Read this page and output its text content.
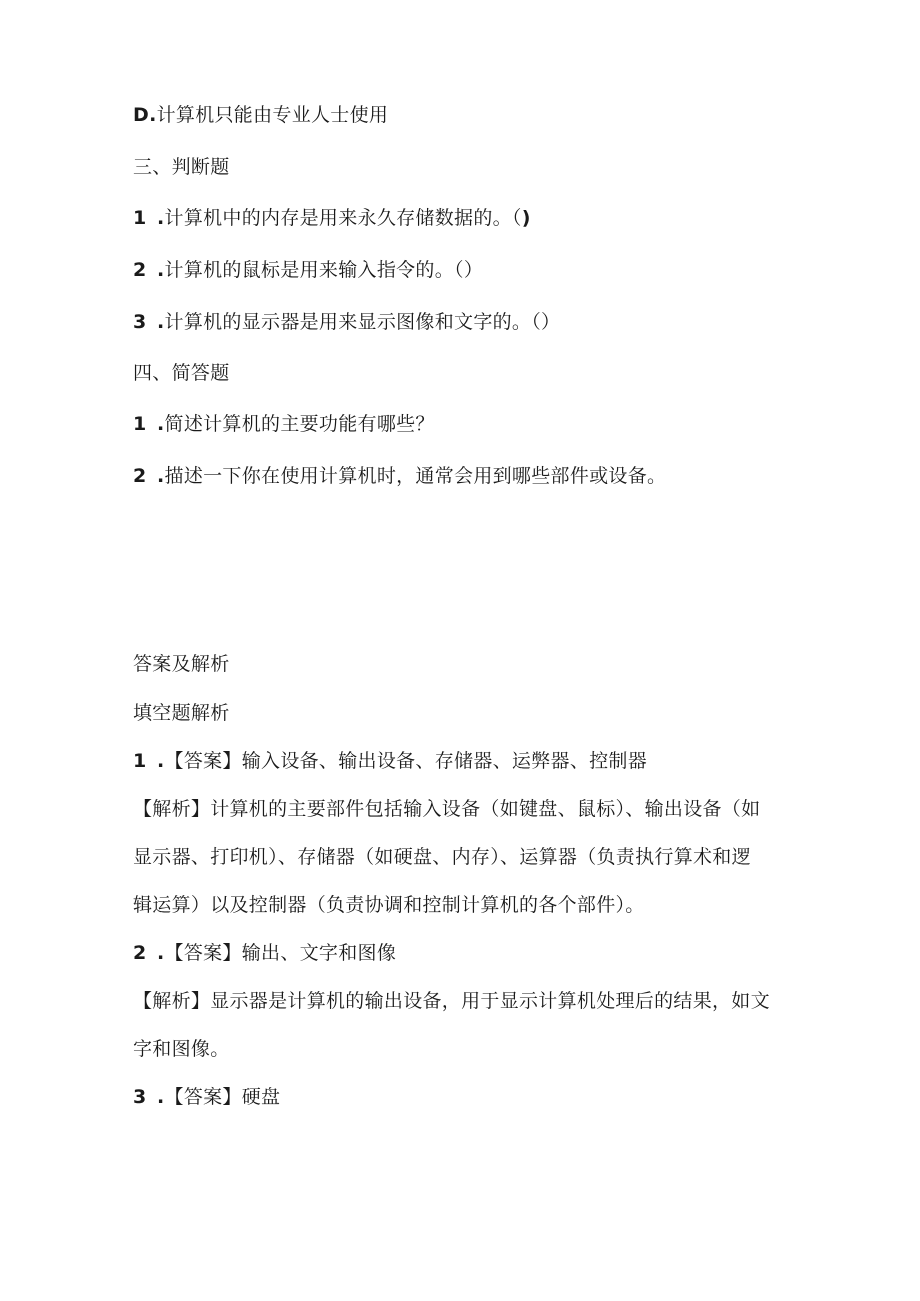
D.计算机只能由专业人士使用
三、判断题
1 .计算机中的内存是用来永久存储数据的。（)
2 .计算机的鼠标是用来输入指令的。（）
3 .计算机的显示器是用来显示图像和文字的。（）
四、简答题
1 .简述计算机的主要功能有哪些？
2 .描述一下你在使用计算机时，通常会用到哪些部件或设备。
答案及解析
填空题解析
1 .【答案】输入设备、输出设备、存储器、运弊器、控制器
【解析】计算机的主要部件包括输入设备（如键盘、鼠标）、输出设备（如
显示器、打印机）、存储器（如硬盘、内存）、运算器（负责执行算术和逻
辑运算）以及控制器（负责协调和控制计算机的各个部件）。
2 .【答案】输出、文字和图像
【解析】显示器是计算机的输出设备，用于显示计算机处理后的结果，如文
字和图像。
3 .【答案】硬盘
